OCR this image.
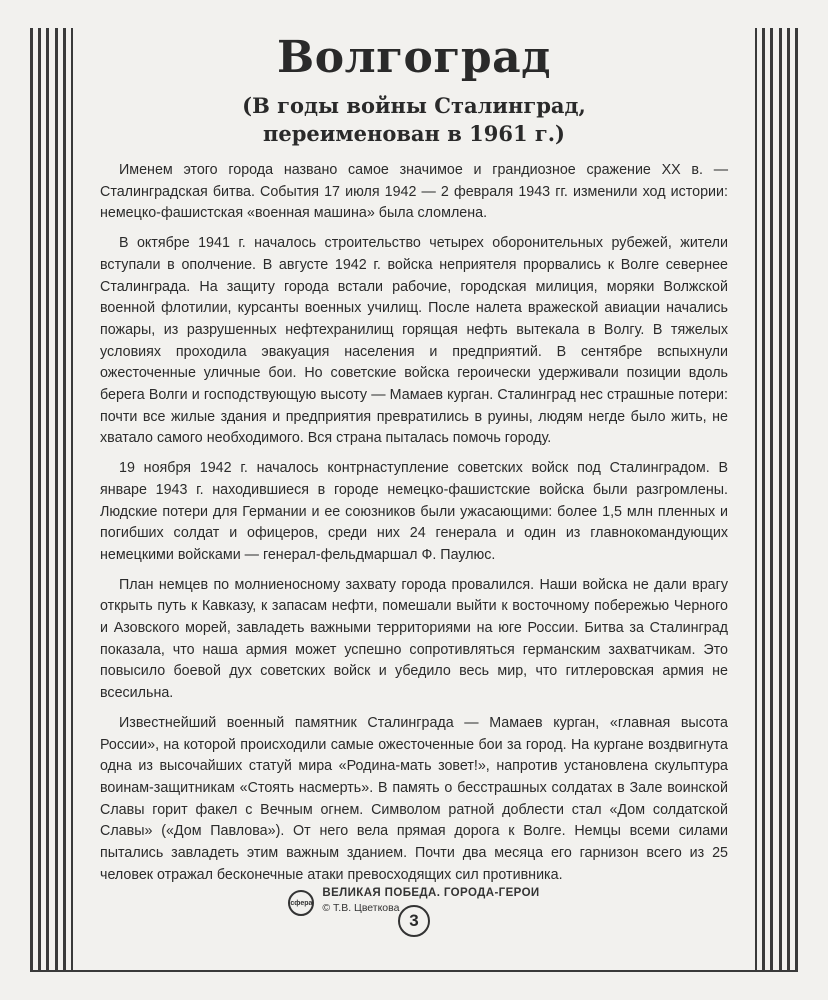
Волгоград
(В годы войны Сталинград,
переименован в 1961 г.)

Именем этого города названо самое значимое и грандиозное сражение XX в. — Сталинградская битва. События 17 июля 1942 — 2 февраля 1943 гг. изменили ход истории: немецко-фашистская «военная машина» была сломлена.

В октябре 1941 г. началось строительство четырех оборонительных рубежей, жители вступали в ополчение. В августе 1942 г. войска неприятеля прорвались к Волге севернее Сталинграда. На защиту города встали рабочие, городская милиция, моряки Волжской военной флотилии, курсанты военных училищ. После налета вражеской авиации начались пожары, из разрушенных нефтехранилищ горящая нефть вытекала в Волгу. В тяжелых условиях проходила эвакуация населения и предприятий. В сентябре вспыхнули ожесточенные уличные бои. Но советские войска героически удерживали позиции вдоль берега Волги и господствующую высоту — Мамаев курган. Сталинград нес страшные потери: почти все жилые здания и предприятия превратились в руины, людям негде было жить, не хватало самого необходимого. Вся страна пыталась помочь городу.

19 ноября 1942 г. началось контрнаступление советских войск под Сталинградом. В январе 1943 г. находившиеся в городе немецко-фашистские войска были разгромлены. Людские потери для Германии и ее союзников были ужасающими: более 1,5 млн пленных и погибших солдат и офицеров, среди них 24 генерала и один из главнокомандующих немецкими войсками — генерал-фельдмаршал Ф. Паулюс.

План немцев по молниеносному захвату города провалился. Наши войска не дали врагу открыть путь к Кавказу, к запасам нефти, помешали выйти к восточному побережью Черного и Азовского морей, завладеть важными территориями на юге России. Битва за Сталинград показала, что наша армия может успешно сопротивляться германским захватчикам. Это повысило боевой дух советских войск и убедило весь мир, что гитлеровская армия не всесильна.

Известнейший военный памятник Сталинграда — Мамаев курган, «главная высота России», на которой происходили самые ожесточенные бои за город. На кургане воздвигнута одна из высочайших статуй мира «Родина-мать зовет!», напротив установлена скульптура воинам-защитникам «Стоять насмерть». В память о бесстрашных солдатах в Зале воинской Славы горит факел с Вечным огнем. Символом ратной доблести стал «Дом солдатской Славы» («Дом Павлова»). От него вела прямая дорога к Волге. Немцы всеми силами пытались завладеть этим важным зданием. Почти два месяца его гарнизон всего из 25 человек отражал бесконечные атаки превосходящих сил противника.

сфера
ВЕЛИКАЯ ПОБЕДА. ГОРОДА-ГЕРОИ
© Т.В. Цветкова
3
